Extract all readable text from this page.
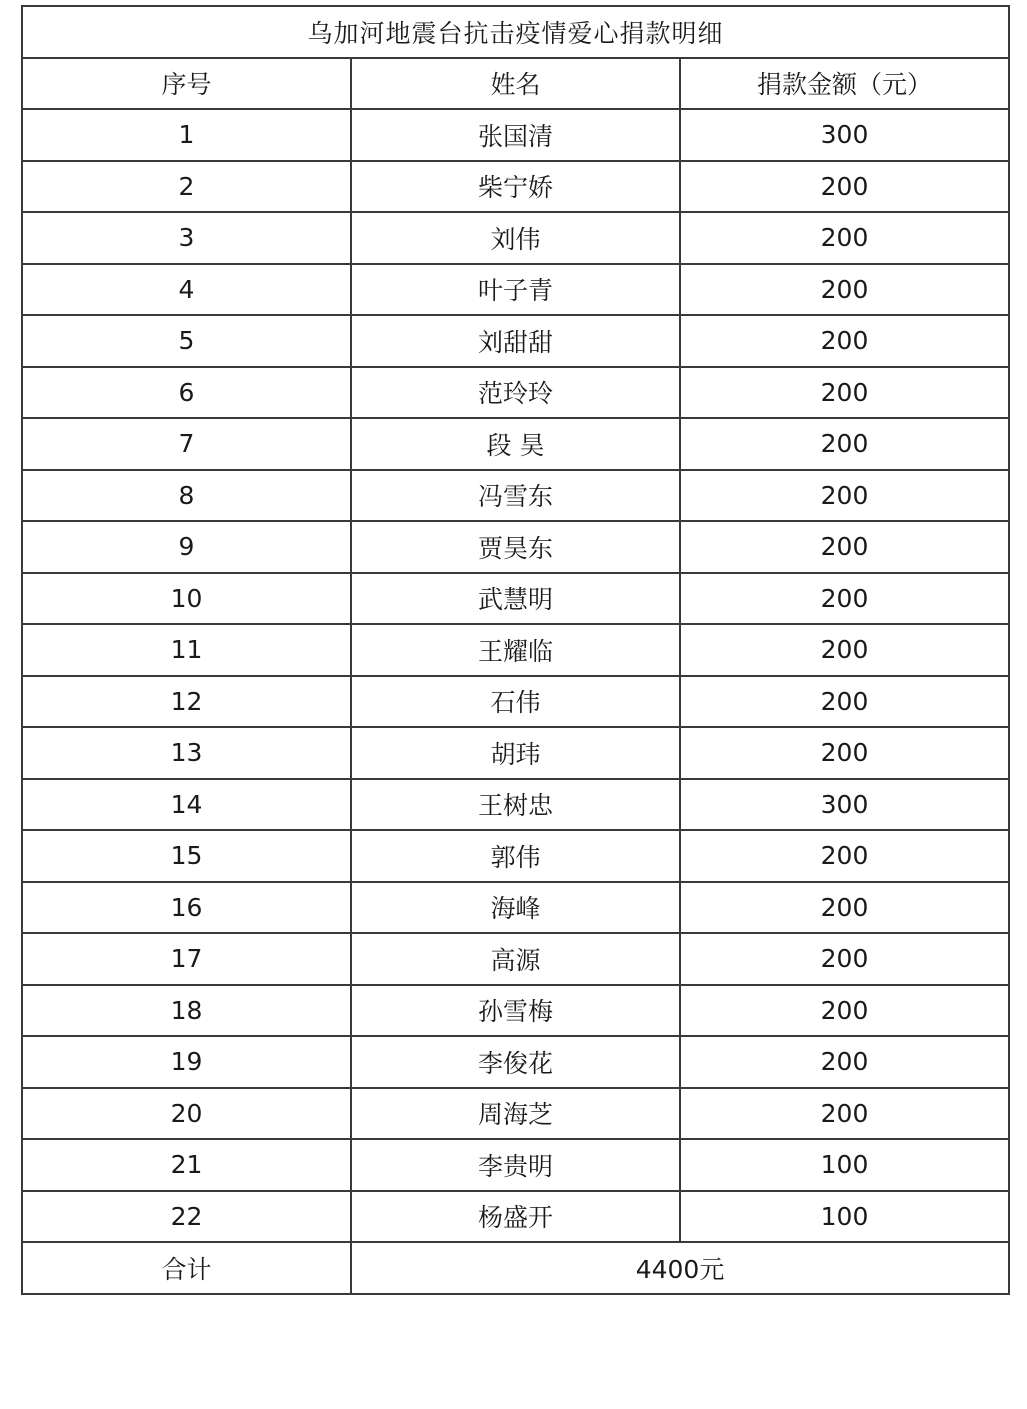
乌加河地震台抗击疫情爱心捐款明细		
序号	姓名	捐款金额（元）
1	张国清	300
2	柴宁娇	200
3	刘伟	200
4	叶子青	200
5	刘甜甜	200
6	范玲玲	200
7	段 昊	200
8	冯雪东	200
9	贾昊东	200
10	武慧明	200
11	王耀临	200
12	石伟	200
13	胡玮	200
14	王树忠	300
15	郭伟	200
16	海峰	200
17	高源	200
18	孙雪梅	200
19	李俊花	200
20	周海芝	200
21	李贵明	100
22	杨盛开	100
合计	4400元	
